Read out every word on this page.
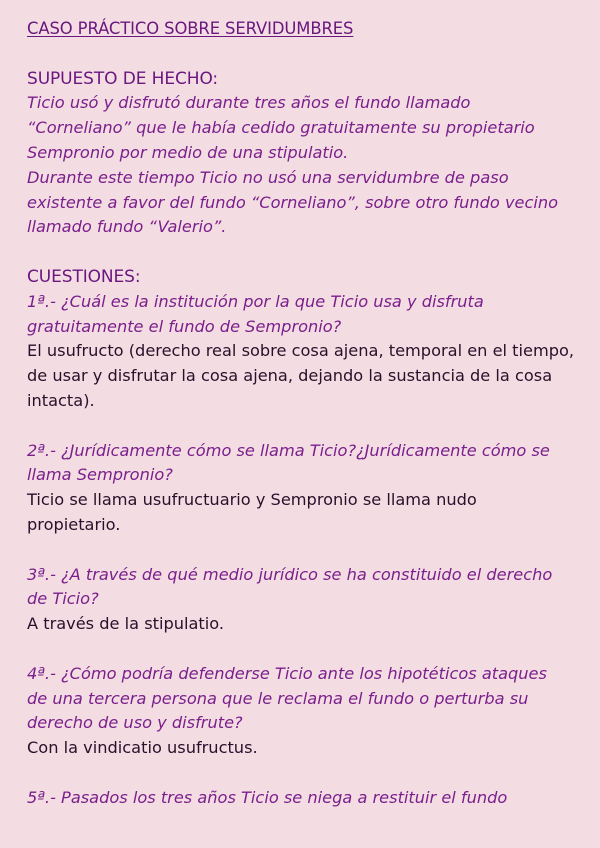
CASO PRÁCTICO SOBRE SERVIDUMBRES

SUPUESTO DE HECHO:

Ticio usó y disfrutó durante tres años el fundo llamado

“Corneliano” que le había cedido gratuitamente su propietario

Sempronio por medio de una stipulatio.

Durante este tiempo Ticio no usó una servidumbre de paso

existente a favor del fundo “Corneliano”, sobre otro fundo vecino

llamado fundo “Valerio”.

CUESTIONES:

1ª.- ¿Cuál es la institución por la que Ticio usa y disfruta

gratuitamente el fundo de Sempronio?

El usufructo (derecho real sobre cosa ajena, temporal en el tiempo,

de usar y disfrutar la cosa ajena, dejando la sustancia de la cosa

intacta).

2ª.- ¿Jurídicamente cómo se llama Ticio?¿Jurídicamente cómo se

llama Sempronio?

Ticio se llama usufructuario y Sempronio se llama nudo

propietario.

3ª.- ¿A través de qué medio jurídico se ha constituido el derecho

de Ticio?

A través de la stipulatio.

4ª.- ¿Cómo podría defenderse Ticio ante los hipotéticos ataques

de una tercera persona que le reclama el fundo o perturba su

derecho de uso y disfrute?

Con la vindicatio usufructus.

5ª.- Pasados los tres años Ticio se niega a restituir el fundo
